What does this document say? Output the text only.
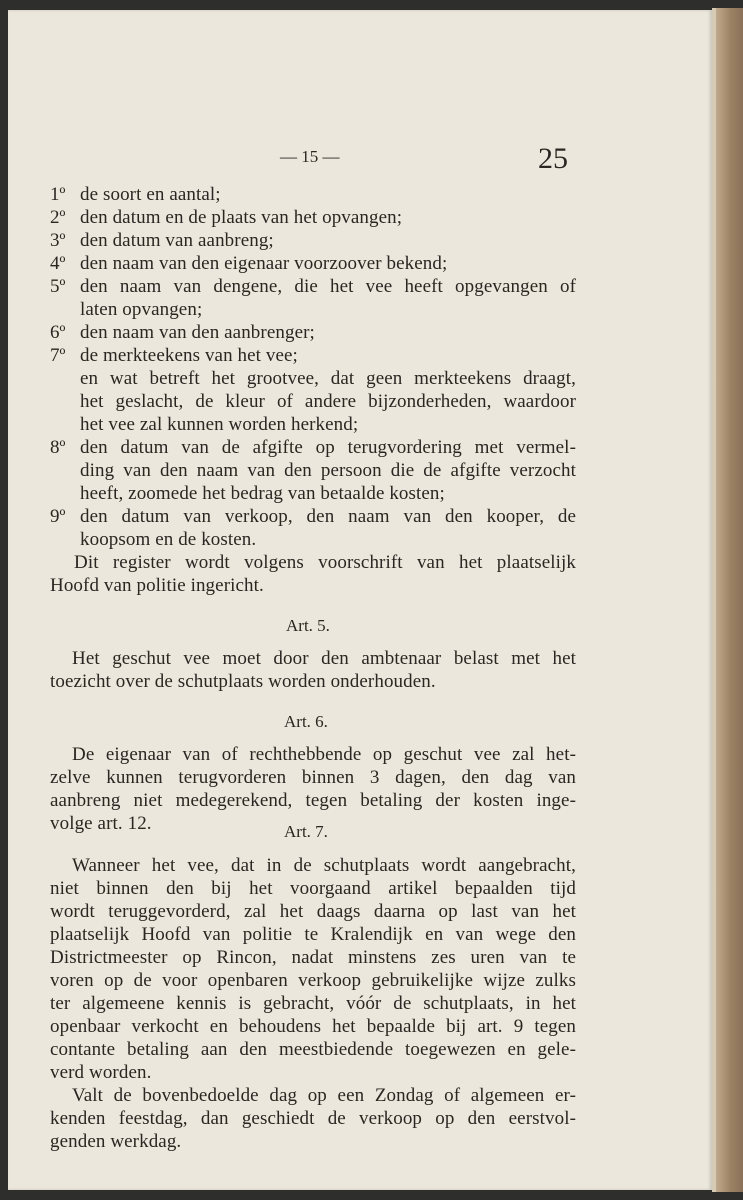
— 15 —	25
1º de soort en aantal;
2º den datum en de plaats van het opvangen;
3º den datum van aanbreng;
4º den naam van den eigenaar voorzoover bekend;
5º den naam van dengene, die het vee heeft opgevangen of
laten opvangen;
6º den naam van den aanbrenger;
7º de merkteekens van het vee;
en wat betreft het grootvee, dat geen merkteekens draagt,
het geslacht, de kleur of andere bijzonderheden, waardoor
het vee zal kunnen worden herkend;
8º den datum van de afgifte op terugvordering met vermel-
ding van den naam van den persoon die de afgifte verzocht
heeft, zoomede het bedrag van betaalde kosten;
9º den datum van verkoop, den naam van den kooper, de
koopsom en de kosten.
Dit register wordt volgens voorschrift van het plaatselijk
Hoofd van politie ingericht.
Art. 5.
Het geschut vee moet door den ambtenaar belast met het
toezicht over de schutplaats worden onderhouden.
Art. 6.
De eigenaar van of rechthebbende op geschut vee zal het-
zelve kunnen terugvorderen binnen 3 dagen, den dag van
aanbreng niet medegerekend, tegen betaling der kosten inge-
volge art. 12.	Art. 7.
Wanneer het vee, dat in de schutplaats wordt aangebracht,
niet binnen den bij het voorgaand artikel bepaalden tijd
wordt teruggevorderd, zal het daags daarna op last van het
plaatselijk Hoofd van politie te Kralendijk en van wege den
Districtmeester op Rincon, nadat minstens zes uren van te
voren op de voor openbaren verkoop gebruikelijke wijze zulks
ter algemeene kennis is gebracht, vóór de schutplaats, in het
openbaar verkocht en behoudens het bepaalde bij art. 9 tegen
contante betaling aan den meestbiedende toegewezen en gele-
verd worden.
Valt de bovenbedoelde dag op een Zondag of algemeen er-
kenden feestdag, dan geschiedt de verkoop op den eerstvol-
genden werkdag.
